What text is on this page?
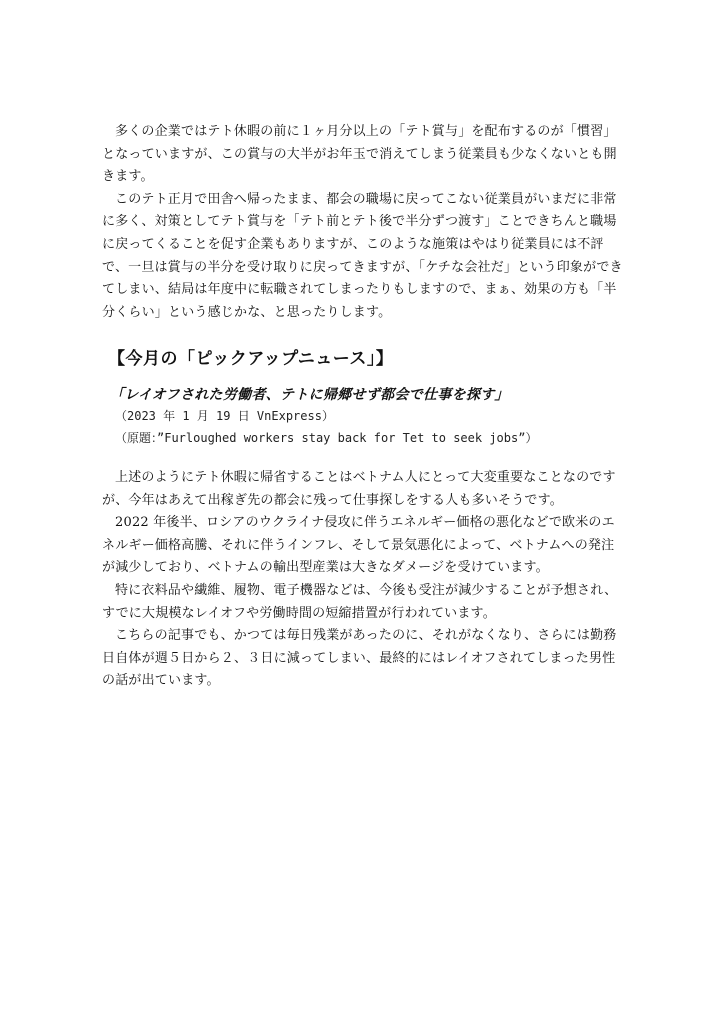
多くの企業ではテト休暇の前に１ヶ月分以上の「テト賞与」を配布するのが「慣習」となっていますが、この賞与の大半がお年玉で消えてしまう従業員も少なくないとも開きます。

このテト正月で田舎へ帰ったまま、都会の職場に戻ってこない従業員がいまだに非常に多く、対策としてテト賞与を「テト前とテト後で半分ずつ渡す」ことできちんと職場に戻ってくることを促す企業もありますが、このような施策はやはり従業員には不評で、一旦は賞与の半分を受け取りに戻ってきますが、「ケチな会社だ」という印象ができてしまい、結局は年度中に転職されてしまったりもしますので、まぁ、効果の方も「半分くらい」という感じかな、と思ったりします。

【今月の「ピックアップニュース」】
「レイオフされた労働者、テトに帰郷せず都会で仕事を探す」

（2023 年 1 月 19 日 VnExpress）

（原題：”Furloughed workers stay back for Tet to seek jobs”）

上述のようにテト休暇に帰省することはベトナム人にとって大変重要なことなのですが、今年はあえて出稼ぎ先の都会に残って仕事探しをする人も多いそうです。

2022 年後半、ロシアのウクライナ侵攻に伴うエネルギー価格の悪化などで欧米のエネルギー価格高騰、それに伴うインフレ、そして景気悪化によって、ベトナムへの発注が減少しており、ベトナムの輸出型産業は大きなダメージを受けています。

特に衣料品や繊維、履物、電子機器などは、今後も受注が減少することが予想され、すでに大規模なレイオフや労働時間の短縮措置が行われています。

こちらの記事でも、かつては毎日残業があったのに、それがなくなり、さらには勤務日自体が週５日から２、３日に減ってしまい、最終的にはレイオフされてしまった男性の話が出ています。
